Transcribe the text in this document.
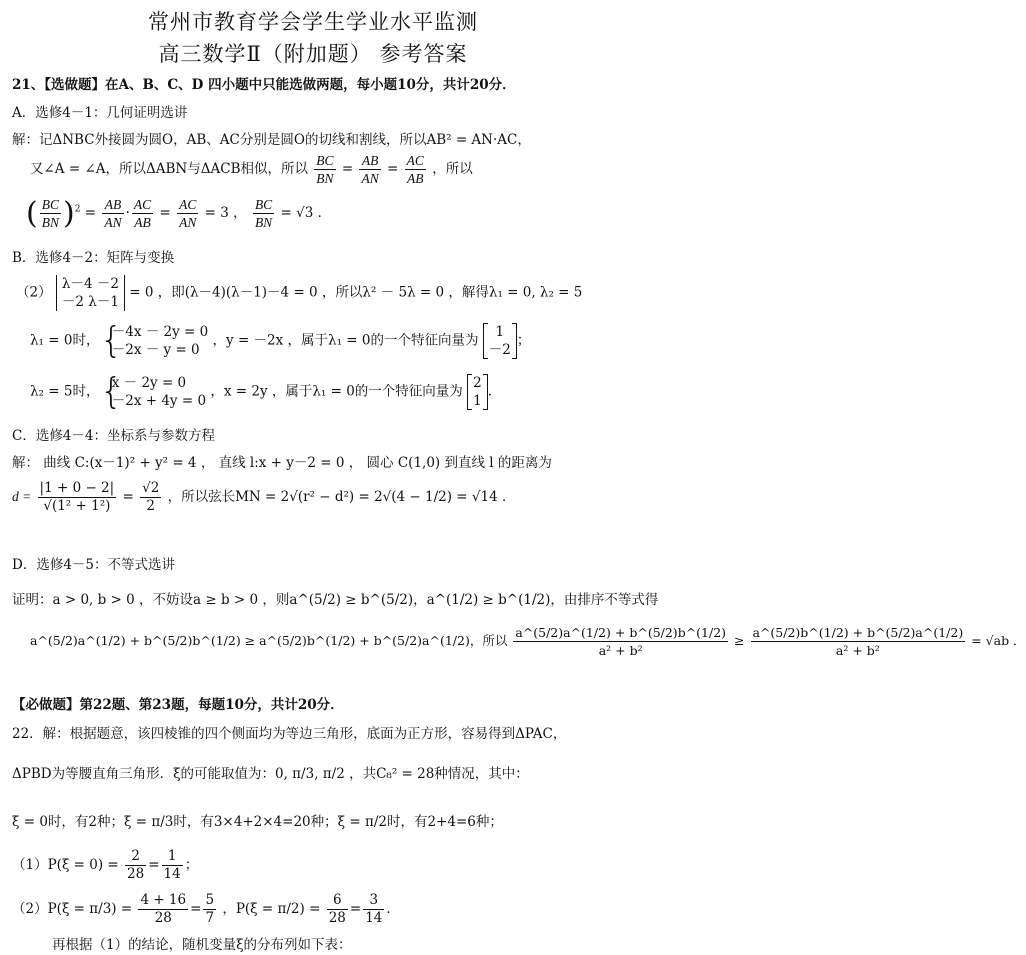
常州市教育学会学生学业水平监测
高三数学Ⅱ（附加题） 参考答案
21、【选做题】在A、B、C、D 四小题中只能选做两题，每小题10分，共计20分．
A．选修4－1：几何证明选讲
解：记ΔNBC外接圆为圆O，AB、AC分别是圆O的切线和割线，所以AB² = AN·AC，
又∠A = ∠A，所以ΔABN与ΔACB相似，所以 $\frac{BC}{BN} = \frac{AB}{AN} = \frac{AC}{AB}$ ，所以
( $\frac{BC}{BN} )^2 = \frac{AB}{AN} \cdot \frac{AC}{AB} = \frac{AC}{AN} = 3$ ， $\frac{BC}{BN} = √3$ ．
B．选修4－2：矩阵与变换
（2）
λ－4 －2
－2 λ－1
= 0 ，即(λ－4)(λ－1)－4 = 0 ，所以λ² － 5λ = 0 ，解得λ₁ = 0, λ₂ = 5
λ₁ = 0时，
{ －4x － 2y = 0
－2x － y = 0
，y = －2x ，属于λ₁ = 0的一个特征向量为
1
－2
；
λ₂ = 5时，
{ x － 2y = 0
－2x + 4y = 0
，x = 2y ，属于λ₁ = 0的一个特征向量为
2
1
．
C．选修4－4：坐标系与参数方程
解： 曲线 C:(x－1)² + y² = 4 ， 直线 l:x + y－2 = 0 ， 圆心 C(1,0) 到直线 l 的距离为
$d = \frac{|1 + 0 - 2|}{\text{√(1² + 1²)}} = \frac{√2}{2}$ ，所以弦长MN = 2√(r² − d²) = 2√(4 − 1/2) = √14 ．
D．选修4－5：不等式选讲
证明：a > 0, b > 0 ，不妨设a ≥ b > 0 ，则a^(5/2) ≥ b^(5/2)，a^(1/2) ≥ b^(1/2)，由排序不等式得
a^(5/2)a^(1/2) + b^(5/2)b^(1/2) ≥ a^(5/2)b^(1/2) + b^(5/2)a^(1/2)，所以 $\frac{a\^{}(5/2)a\^{}(1/2) + b\^{}(5/2)b\^{}(1/2)}{\text{a² + b²}} \ge \frac{a\^{}(5/2)b\^{}(1/2) + b\^{}(5/2)a\^{}(1/2)}{\text{a² + b²}} = √ab$ ．
【必做题】第22题、第23题，每题10分，共计20分．
22．解：根据题意，该四棱锥的四个侧面均为等边三角形，底面为正方形，容易得到ΔPAC，
ΔPBD为等腰直角三角形．ξ的可能取值为：0, π/3, π/2 ，共C₈² = 28种情况，其中：
ξ = 0时，有2种；ξ = π/3时，有3×4+2×4=20种；ξ = π/2时，有2+4=6种；
$(1)P(\xi = 0) = \frac{2}{28} = \frac{1}{14}$ ；
$(2)P(\xi = \pi/3) = \frac{4 + 16}{28} = \frac{5}{7}$ ，$P(\xi = \pi/2) = \frac{6}{28} = \frac{3}{14}$ ．
再根据（1）的结论，随机变量ξ的分布列如下表：
